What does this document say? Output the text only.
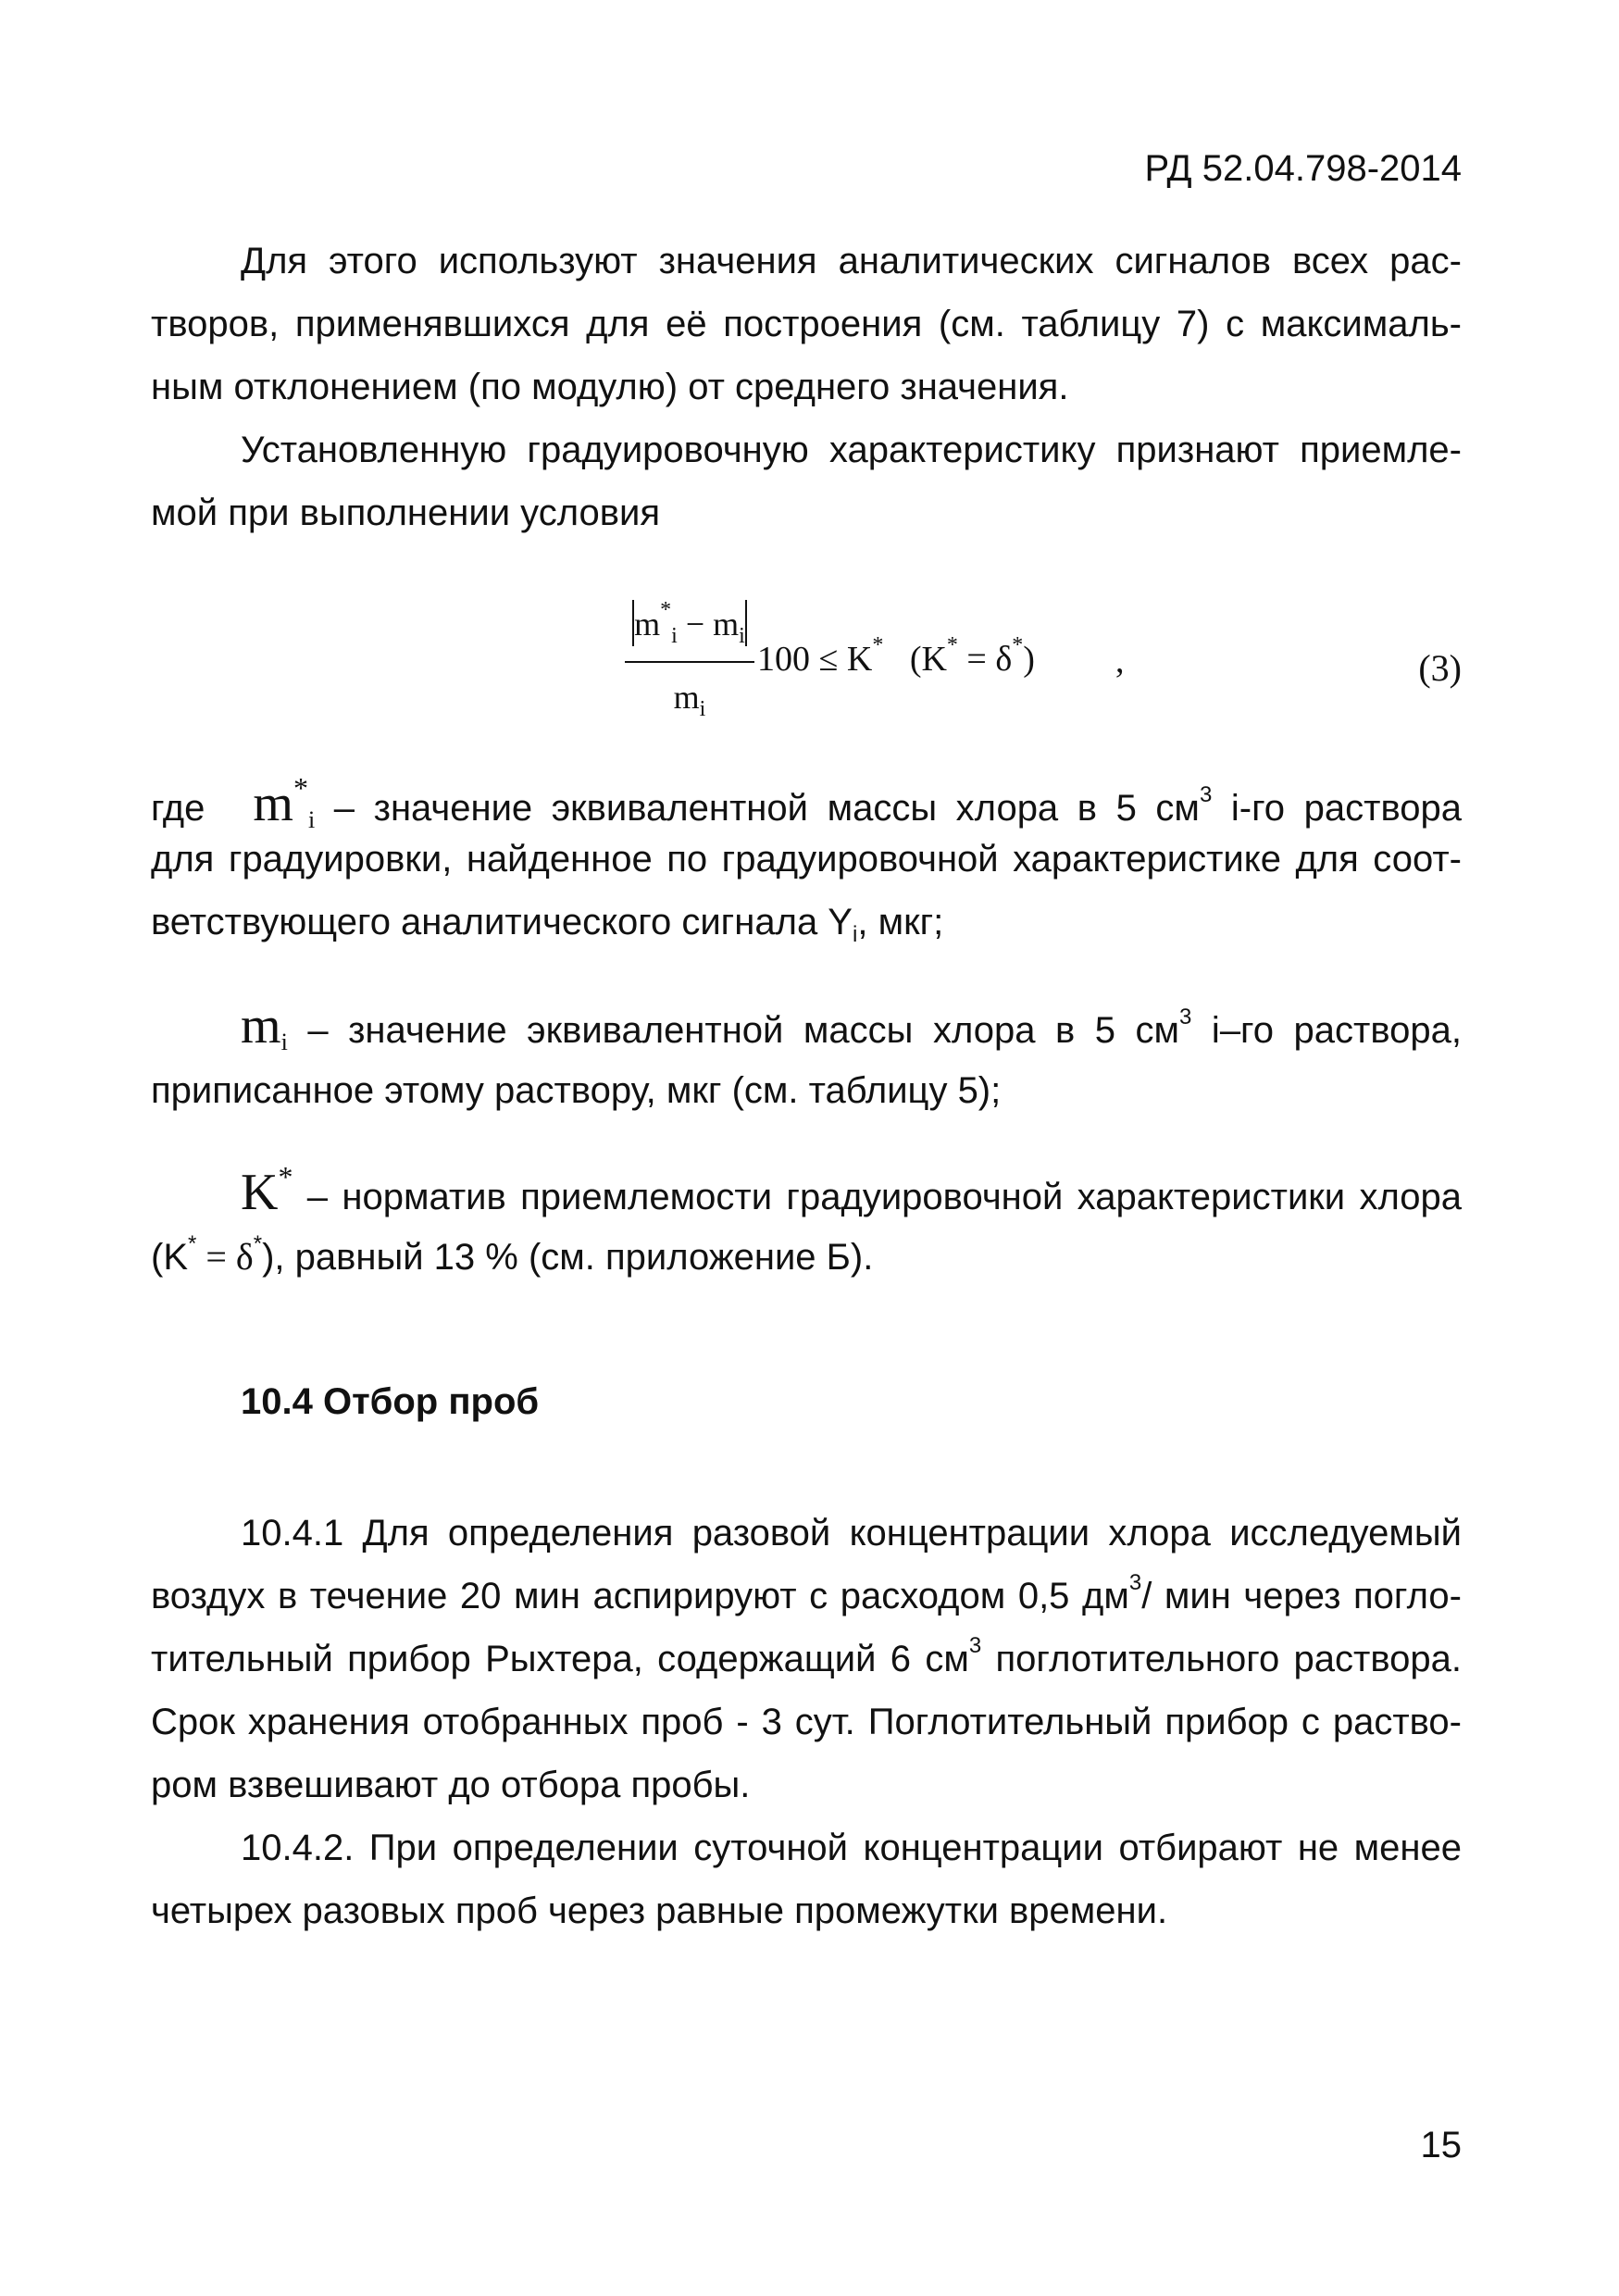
РД 52.04.798-2014
Для этого используют значения аналитических сигналов всех рас-
творов, применявшихся для её построения (см. таблицу 7) с максималь-
ным отклонением (по модулю) от среднего значения.
Установленную градуировочную характеристику признают приемле-
мой при выполнении условия
$m^*_i - m_i$
$m_i$
100 ≤ K*   (K* = δ*) ,	(3)
где $m^*_i$ – значение эквивалентной массы хлора в 5 $см^3$ i-го раствора
для градуировки, найденное по градуировочной характеристике для соот-
ветствующего аналитического сигнала $Y_i$, мкг;
$m_i$ – значение эквивалентной массы хлора в 5 $см^3$ i–го раствора,
приписанное этому раствору, мкг (см. таблицу 5);
K* – норматив приемлемости градуировочной характеристики хлора
(K* = δ*), равный 13 % (см. приложение Б).
10.4 Отбор проб
10.4.1 Для определения разовой концентрации хлора исследуемый
воздух в течение 20 мин аспирируют с расходом 0,5 $дм^3/$ мин через погло-
тительный прибор Рыхтера, содержащий 6 $см^3$ поглотительного раствора.
Срок хранения отобранных проб - 3 сут. Поглотительный прибор с раство-
ром взвешивают до отбора пробы.
10.4.2. При определении суточной концентрации отбирают не менее
четырех разовых проб через равные промежутки времени.
15
